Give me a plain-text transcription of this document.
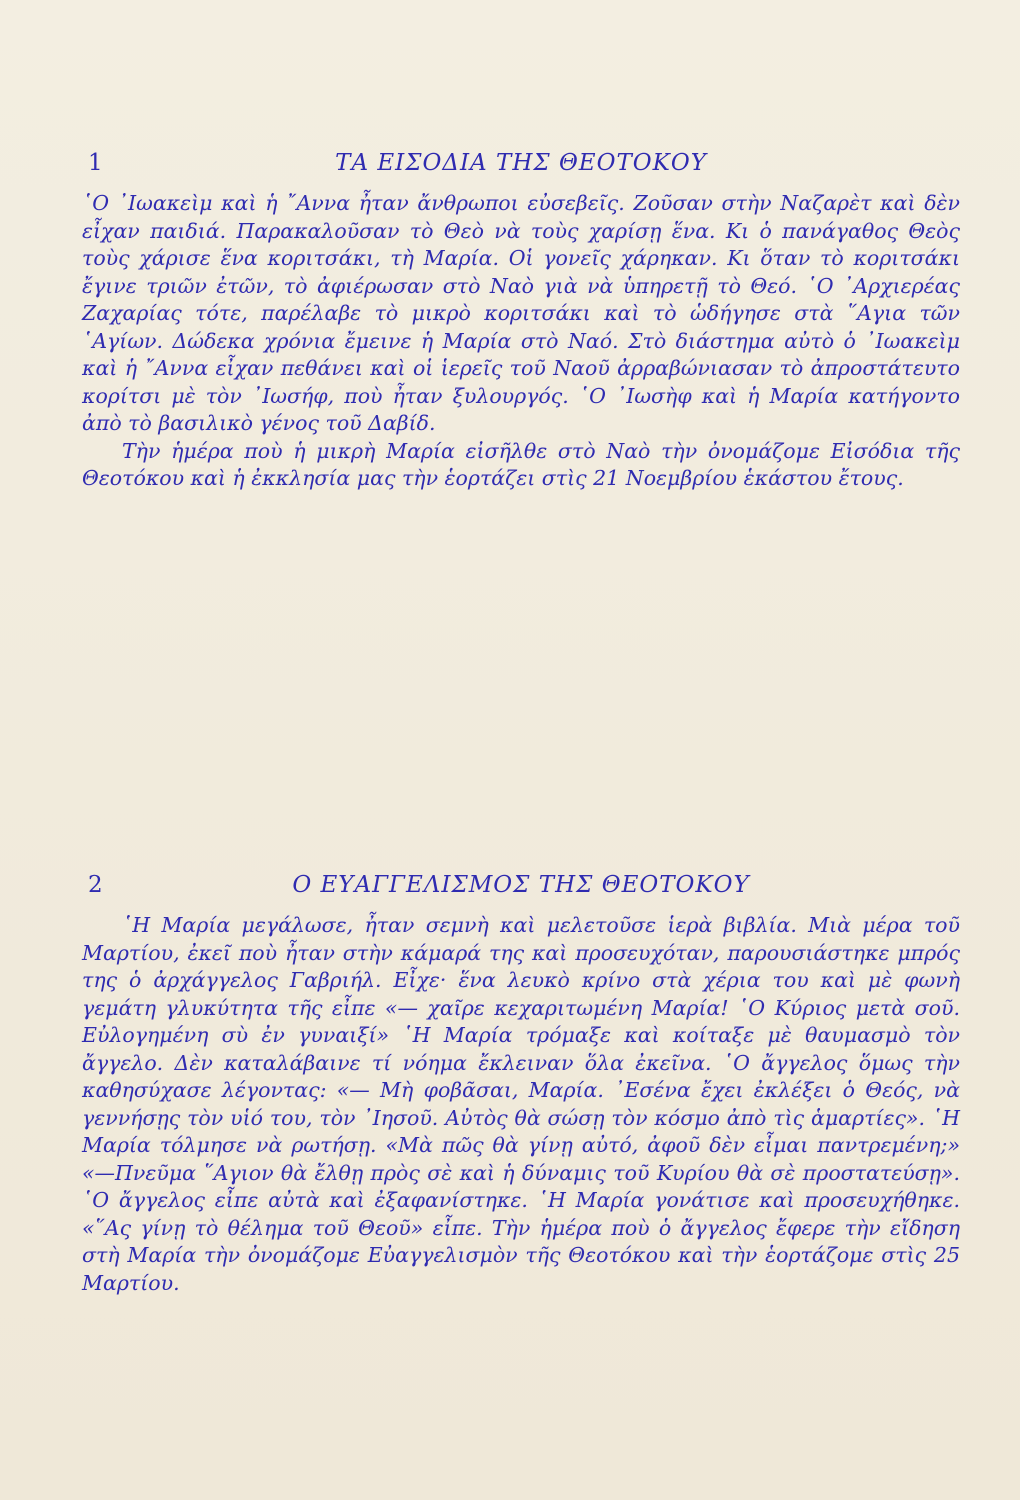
1	ΤΑ ΕΙΣΟΔΙΑ ΤΗΣ ΘΕΟΤΟΚΟΥ

῾Ο ᾿Ιωακεὶμ καὶ ἡ ῎Αννα ἦταν ἄνθρωποι εὐσεβεῖς. Ζοῦσαν στὴν Ναζαρὲτ καὶ δὲν εἶχαν παιδιά. Παρακαλοῦσαν τὸ Θεὸ νὰ τοὺς χαρίσῃ ἕνα. Κι ὁ πανάγαθος Θεὸς τοὺς χάρισε ἕνα κοριτσάκι, τὴ Μαρία. Οἱ γονεῖς χάρηκαν. Κι ὅταν τὸ κοριτσάκι ἔγινε τριῶν ἐτῶν, τὸ ἀφιέρωσαν στὸ Ναὸ γιὰ νὰ ὑπηρετῇ τὸ Θεό. ῾Ο ᾿Αρχιερέας Ζαχαρίας τότε, παρέλαβε τὸ μικρὸ κοριτσάκι καὶ τὸ ὡδήγησε στὰ ῞Αγια τῶν ῾Αγίων. Δώδεκα χρόνια ἔμεινε ἡ Μαρία στὸ Ναό. Στὸ διάστημα αὐτὸ ὁ ᾿Ιωακεὶμ καὶ ἡ ῎Αννα εἶχαν πεθάνει καὶ οἱ ἱερεῖς τοῦ Ναοῦ ἀρραβώνιασαν τὸ ἀπροστάτευτο κορίτσι μὲ τὸν ᾿Ιωσήφ, ποὺ ἦταν ξυλουργός. ῾Ο ᾿Ιωσὴφ καὶ ἡ Μαρία κατήγοντο ἀπὸ τὸ βασιλικὸ γένος τοῦ Δαβίδ.

Τὴν ἡμέρα ποὺ ἡ μικρὴ Μαρία εἰσῆλθε στὸ Ναὸ τὴν ὀνομάζομε Εἰσόδια τῆς Θεοτόκου καὶ ἡ ἐκκλησία μας τὴν ἑορτάζει στὶς 21 Νοεμβρίου ἑκάστου ἔτους.

2	Ο ΕΥΑΓΓΕΛΙΣΜΟΣ ΤΗΣ ΘΕΟΤΟΚΟΥ

῾Η Μαρία μεγάλωσε, ἦταν σεμνὴ καὶ μελετοῦσε ἱερὰ βιβλία. Μιὰ μέρα τοῦ Μαρτίου, ἐκεῖ ποὺ ἦταν στὴν κάμαρά της καὶ προσευχόταν, παρουσιάστηκε μπρός της ὁ ἀρχάγγελος Γαβριήλ. Εἶχε· ἕνα λευκὸ κρίνο στὰ χέρια του καὶ μὲ φωνὴ γεμάτη γλυκύτητα τῆς εἶπε «— χαῖρε κεχαριτωμένη Μαρία! ῾Ο Κύριος μετὰ σοῦ. Εὐλογημένη σὺ ἐν γυναιξί» ῾Η Μαρία τρόμαξε καὶ κοίταξε μὲ θαυμασμὸ τὸν ἄγγελο. Δὲν καταλάβαινε τί νόημα ἔκλειναν ὅλα ἐκεῖνα. ῾Ο ἄγγελος ὅμως τὴν καθησύχασε λέγοντας: «— Μὴ φοβᾶσαι, Μαρία. ᾿Εσένα ἔχει ἐκλέξει ὁ Θεός, νὰ γεννήσῃς τὸν υἱό του, τὸν ᾿Ιησοῦ. Αὐτὸς θὰ σώσῃ τὸν κόσμο ἀπὸ τὶς ἁμαρτίες». ῾Η Μαρία τόλμησε νὰ ρωτήσῃ. «Μὰ πῶς θὰ γίνῃ αὐτό, ἀφοῦ δὲν εἶμαι παντρεμένη;» «—Πνεῦμα ῞Αγιον θὰ ἔλθῃ πρὸς σὲ καὶ ἡ δύναμις τοῦ Κυρίου θὰ σὲ προστατεύσῃ». ῾Ο ἄγγελος εἶπε αὐτὰ καὶ ἐξαφανίστηκε. ῾Η Μαρία γονάτισε καὶ προσευχήθηκε. «῞Ας γίνῃ τὸ θέλημα τοῦ Θεοῦ» εἶπε. Τὴν ἡμέρα ποὺ ὁ ἄγγελος ἔφερε τὴν εἴδηση στὴ Μαρία τὴν ὀνομάζομε Εὐαγγελισμὸν τῆς Θεοτόκου καὶ τὴν ἑορτάζομε στὶς 25 Μαρτίου.
